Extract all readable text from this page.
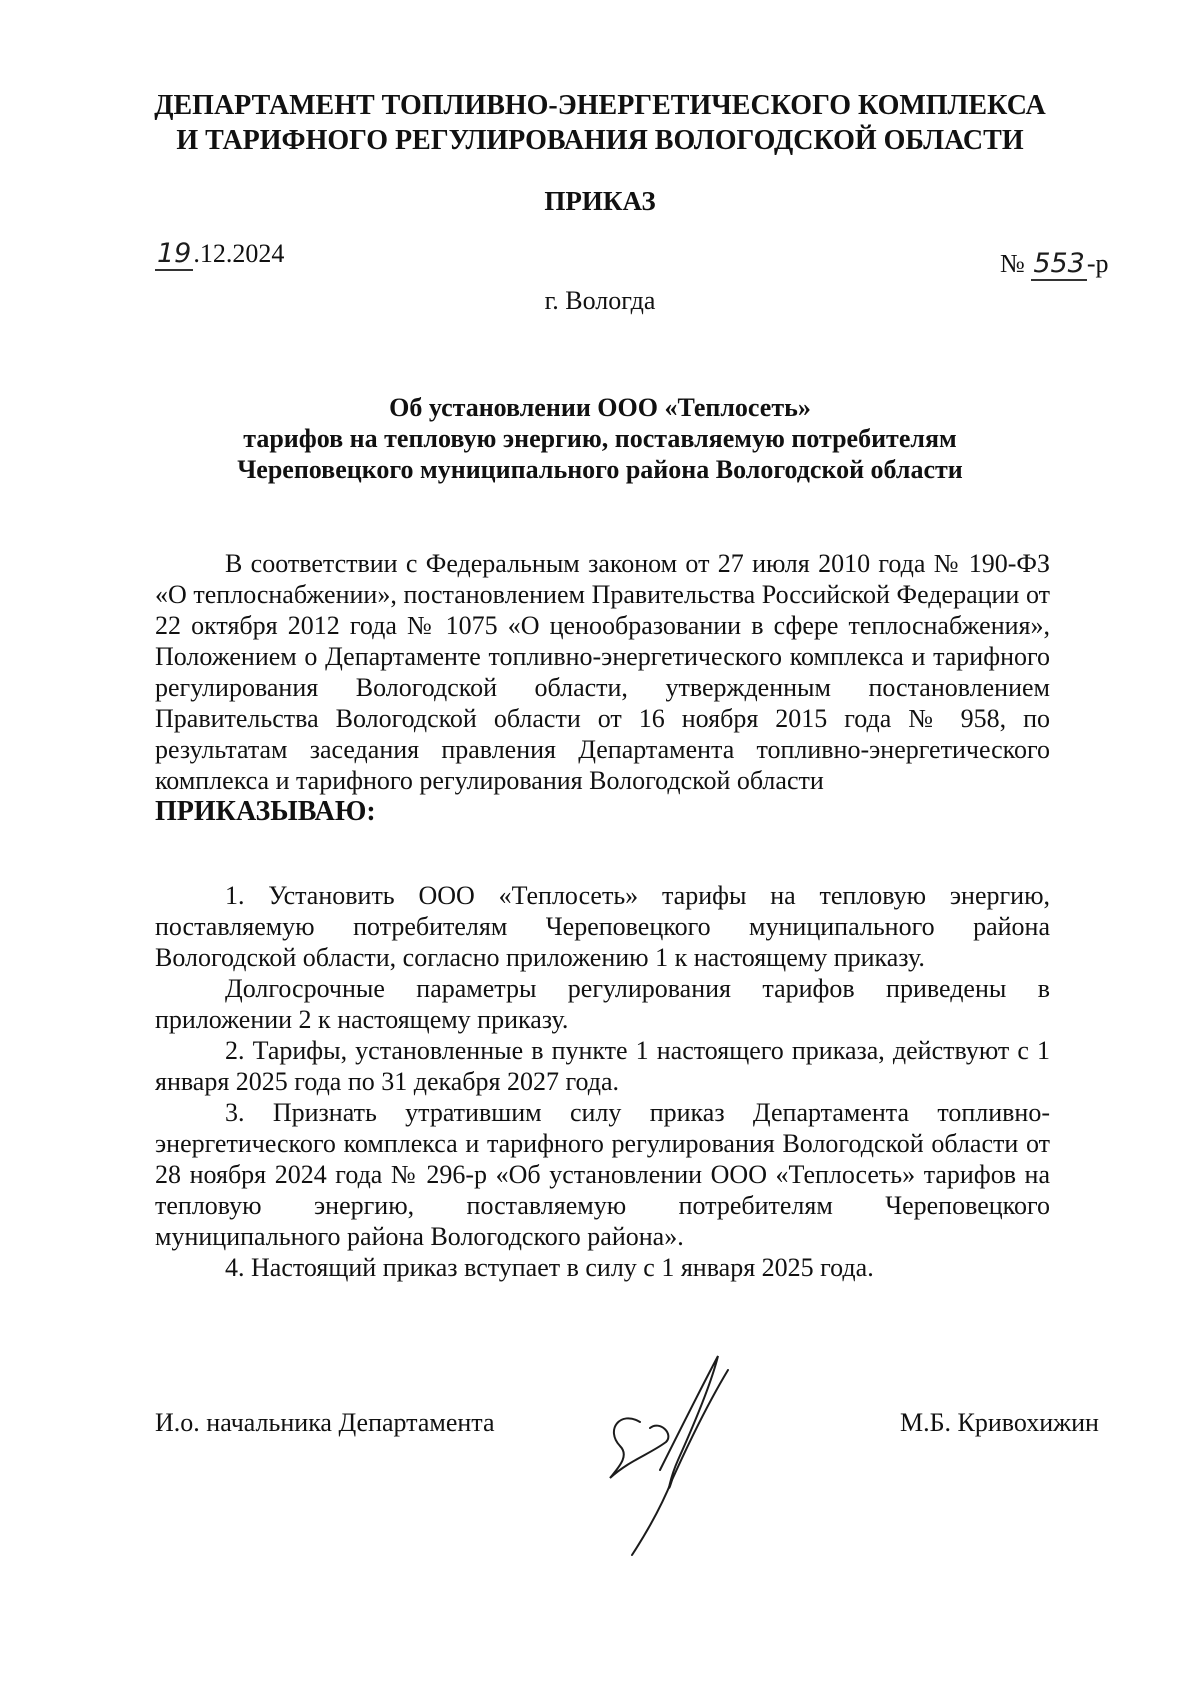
ДЕПАРТАМЕНТ ТОПЛИВНО-ЭНЕРГЕТИЧЕСКОГО КОМПЛЕКСА
И ТАРИФНОГО РЕГУЛИРОВАНИЯ ВОЛОГОДСКОЙ ОБЛАСТИ
ПРИКАЗ
19.12.2024	№ 553-р
г. Вологда
Об установлении ООО «Теплосеть»
тарифов на тепловую энергию, поставляемую потребителям
Череповецкого муниципального района Вологодской области

В соответствии с Федеральным законом от 27 июля 2010 года № 190-ФЗ «О теплоснабжении», постановлением Правительства Российской Федерации от 22 октября 2012 года № 1075 «О ценообразовании в сфере теплоснабжения», Положением о Департаменте топливно-энергетического комплекса и тарифного регулирования Вологодской области, утвержденным постановлением Правительства Вологодской области от 16 ноября 2015 года № 958, по результатам заседания правления Департамента топливно-энергетического комплекса и тарифного регулирования Вологодской области

ПРИКАЗЫВАЮ:

1. Установить ООО «Теплосеть» тарифы на тепловую энергию, поставляемую потребителям Череповецкого муниципального района Вологодской области, согласно приложению 1 к настоящему приказу.

Долгосрочные параметры регулирования тарифов приведены в приложении 2 к настоящему приказу.

2. Тарифы, установленные в пункте 1 настоящего приказа, действуют с 1 января 2025 года по 31 декабря 2027 года.

3. Признать утратившим силу приказ Департамента топливно-энергетического комплекса и тарифного регулирования Вологодской области от 28 ноября 2024 года № 296-р «Об установлении ООО «Теплосеть» тарифов на тепловую энергию, поставляемую потребителям Череповецкого муниципального района Вологодского района».

4. Настоящий приказ вступает в силу с 1 января 2025 года.

И.о. начальника Департамента	М.Б. Кривохижин
